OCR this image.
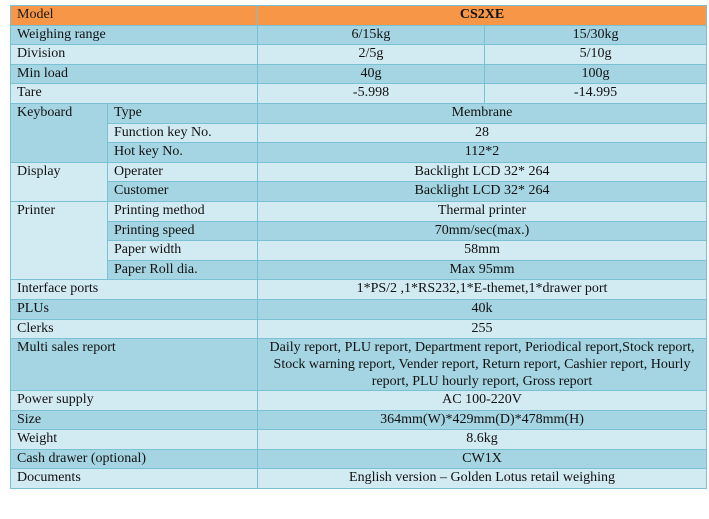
Model		CS2XE	
Weighing range		6/15kg	15/30kg
Division		2/5g	5/10g
Min load		40g	100g
Tare		-5.998	-14.995
Keyboard	Type	Membrane	
	Function key No.	28	
	Hot key No.	112*2	
Display	Operater	Backlight LCD 32* 264	
	Customer	Backlight LCD 32* 264	
Printer	Printing method	Thermal printer	
	Printing speed	70mm/sec(max.)	
	Paper width	58mm	
	Paper Roll dia.	Max 95mm	
Interface ports		1*PS/2 ,1*RS232,1*E-themet,1*drawer port	
PLUs		40k	
Clerks		255	
Multi sales report		Daily report, PLU report, Department report, Periodical report,Stock report, Stock warning report, Vender report, Return report, Cashier report, Hourly report, PLU hourly report, Gross report	
Power supply		AC 100-220V	
Size		364mm(W)*429mm(D)*478mm(H)	
Weight		8.6kg	
Cash drawer (optional)		CW1X	
Documents		English version – Golden Lotus retail weighing	
